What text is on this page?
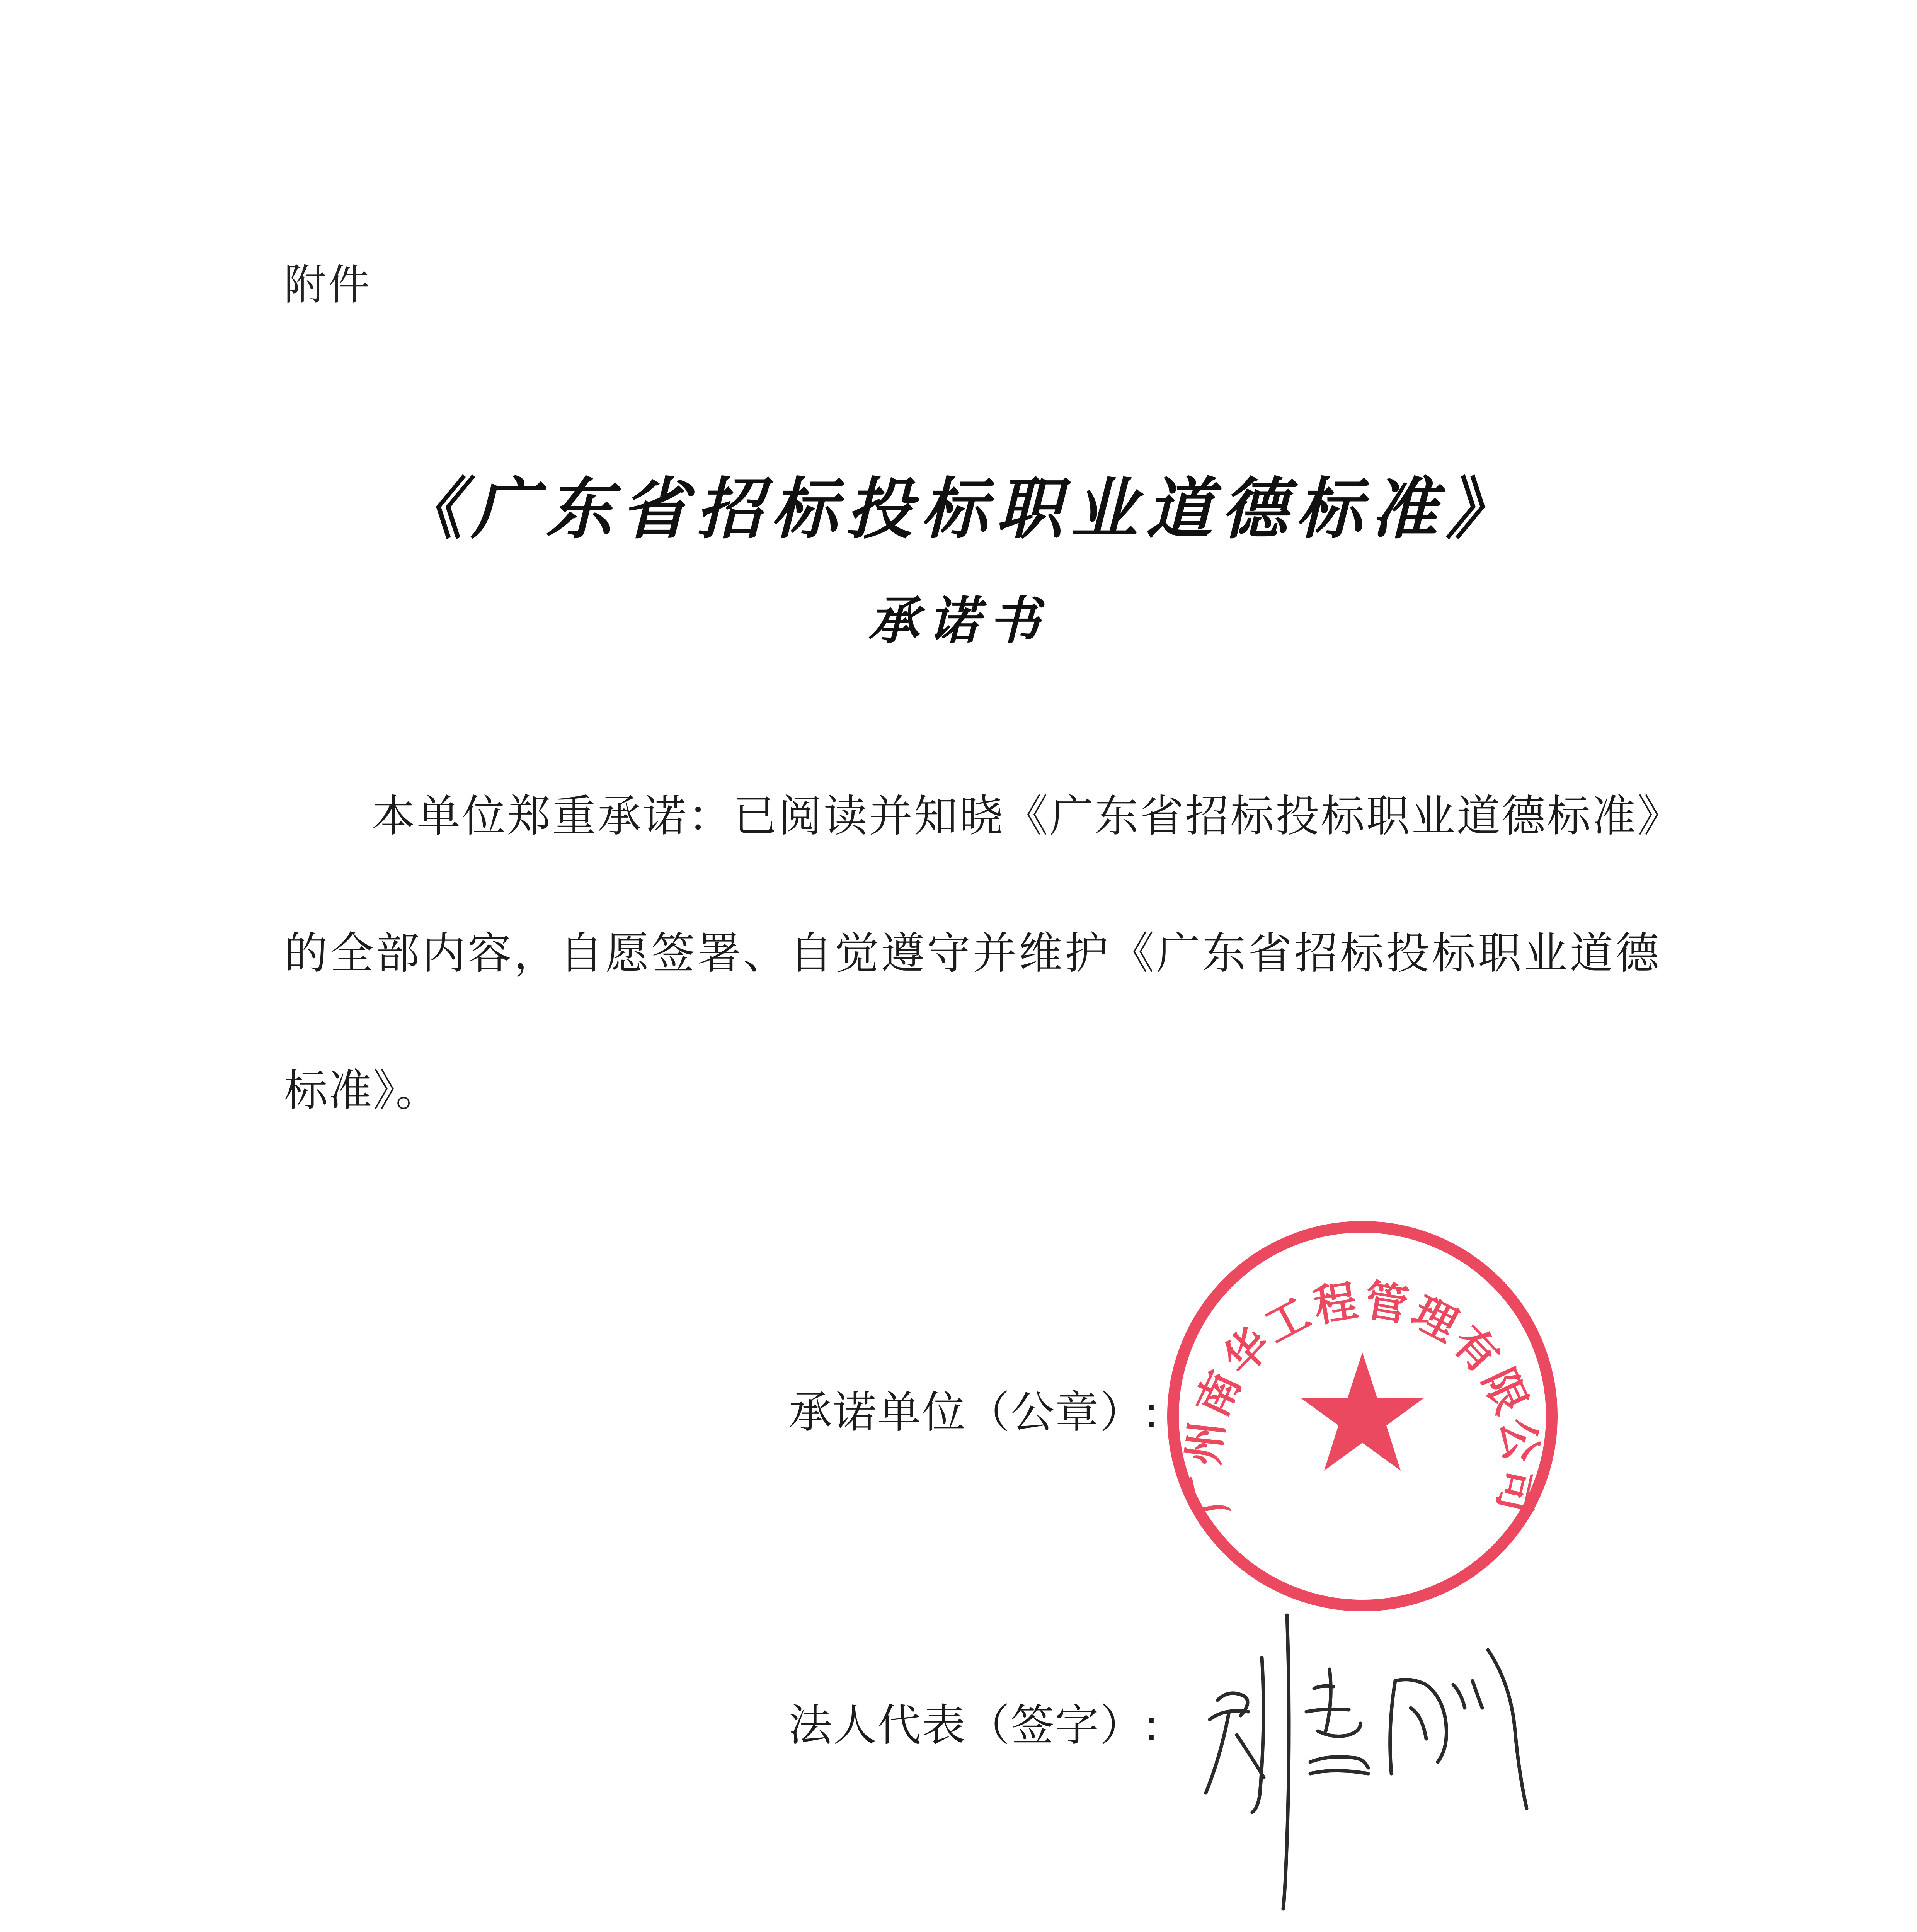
附件
《广东省招标投标职业道德标准》
承诺书
本单位郑重承诺：已阅读并知晓《广东省招标投标职业道德标准》的全部内容，自愿签署、自觉遵守并维护《广东省招标投标职业道德标准》。
承诺单位（公章）:
广州南华工程管理有限公司
法人代表（签字）:
